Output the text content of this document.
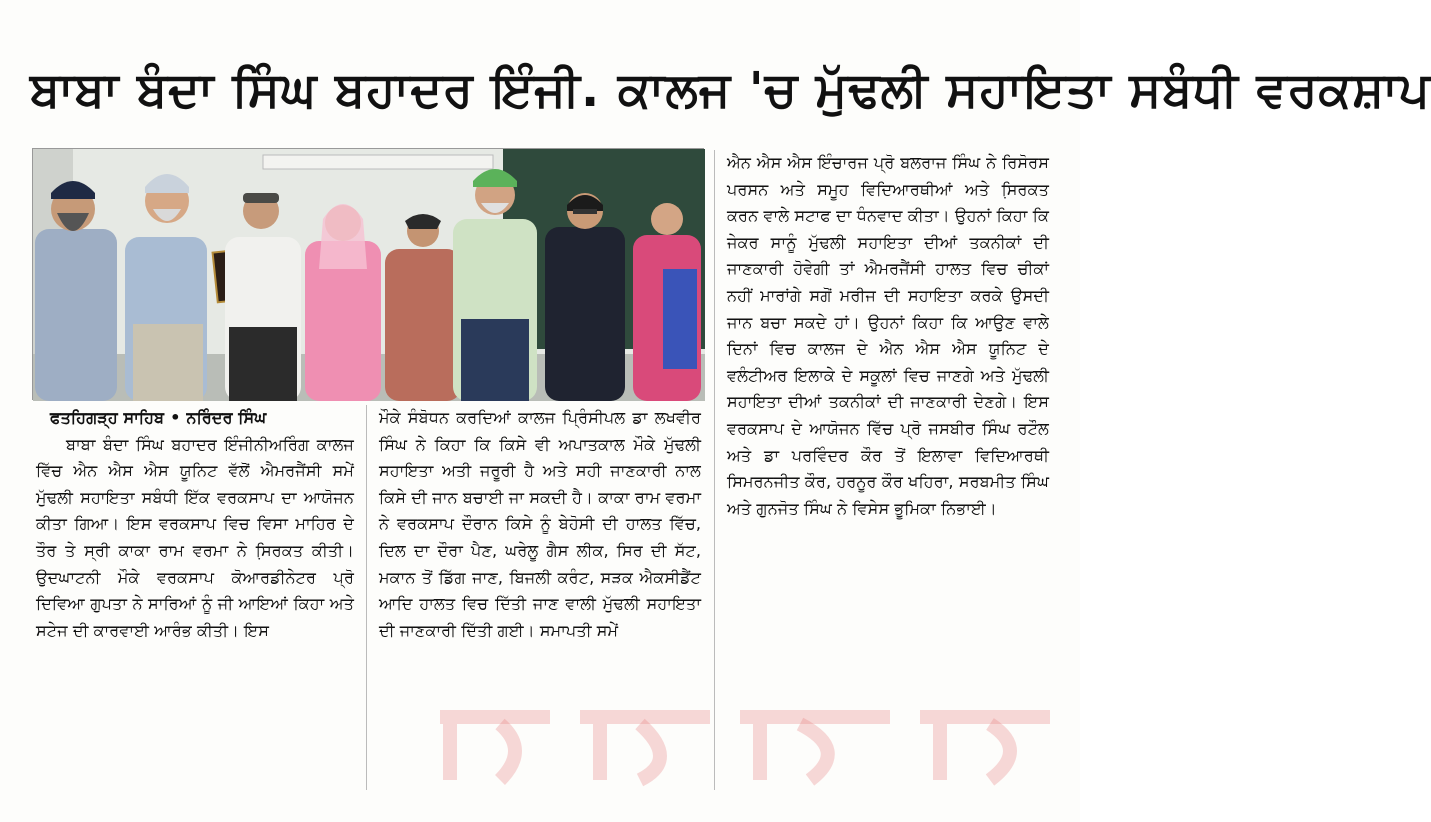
ਬਾਬਾ ਬੰਦਾ ਸਿੰਘ ਬਹਾਦਰ ਇੰਜੀ. ਕਾਲਜ 'ਚ ਮੁੱਢਲੀ ਸਹਾਇਤਾ ਸਬੰਧੀ ਵਰਕਸ਼ਾਪ
ਫਤਹਿਗੜ੍ਹ ਸਾਹਿਬ • ਨਰਿੰਦਰ ਸਿੰਘ
ਬਾਬਾ ਬੰਦਾ ਸਿੰਘ ਬਹਾਦਰ ਇੰਜੀਨੀਅਰਿੰਗ ਕਾਲਜ ਵਿੱਚ ਐਨ ਐਸ ਐਸ ਯੂਨਿਟ ਵੱਲੋਂ ਐਮਰਜੈਂਸੀ ਸਮੇਂ ਮੁੱਢਲੀ ਸਹਾਇਤਾ ਸਬੰਧੀ ਇੱਕ ਵਰਕਸਾਪ ਦਾ ਆਯੋਜਨ ਕੀਤਾ ਗਿਆ। ਇਸ ਵਰਕਸਾਪ ਵਿਚ ਵਿਸਾ ਮਾਹਿਰ ਦੇ ਤੌਰ ਤੇ ਸ੍ਰੀ ਕਾਕਾ ਰਾਮ ਵਰਮਾ ਨੇ ਸਿ਼ਰਕਤ ਕੀਤੀ। ਉਦਘਾਟਨੀ ਮੌਕੇ ਵਰਕਸਾਪ ਕੋਆਰਡੀਨੇਟਰ ਪ੍ਰੋ ਦਿਵਿਆ ਗੁਪਤਾ ਨੇ ਸਾਰਿਆਂ ਨੂੰ ਜੀ ਆਇਆਂ ਕਿਹਾ ਅਤੇ ਸਟੇਜ ਦੀ ਕਾਰਵਾਈ ਆਰੰਭ ਕੀਤੀ। ਇਸ
ਮੌਕੇ ਸੰਬੋਧਨ ਕਰਦਿਆਂ ਕਾਲਜ ਪ੍ਰਿੰਸੀਪਲ ਡਾ ਲਖਵੀਰ ਸਿੰਘ ਨੇ ਕਿਹਾ ਕਿ ਕਿਸੇ ਵੀ ਅਪਾਤਕਾਲ ਮੌਕੇ ਮੁੱਢਲੀ ਸਹਾਇਤਾ ਅਤੀ ਜਰੂਰੀ ਹੈ ਅਤੇ ਸਹੀ ਜਾਣਕਾਰੀ ਨਾਲ ਕਿਸੇ ਦੀ ਜਾਨ ਬਚਾਈ ਜਾ ਸਕਦੀ ਹੈ। ਕਾਕਾ ਰਾਮ ਵਰਮਾ ਨੇ ਵਰਕਸਾਪ ਦੌਰਾਨ ਕਿਸੇ ਨੂੰ ਬੇਹੋਸੀ ਦੀ ਹਾਲਤ ਵਿੱਚ, ਦਿਲ ਦਾ ਦੌਰਾ ਪੈਣ, ਘਰੇਲੂ ਗੈਸ ਲੀਕ, ਸਿਰ ਦੀ ਸੱਟ, ਮਕਾਨ ਤੋਂ ਡਿੱਗ ਜਾਣ, ਬਿਜਲੀ ਕਰੰਟ, ਸੜਕ ਐਕਸੀਡੈਂਟ ਆਦਿ ਹਾਲਤ ਵਿਚ ਦਿੱਤੀ ਜਾਣ ਵਾਲੀ ਮੁੱਢਲੀ ਸਹਾਇਤਾ ਦੀ ਜਾਣਕਾਰੀ ਦਿੱਤੀ ਗਈ। ਸਮਾਪਤੀ ਸਮੇਂ
ਐਨ ਐਸ ਐਸ ਇੰਚਾਰਜ ਪ੍ਰੋ ਬਲਰਾਜ ਸਿੰਘ ਨੇ ਰਿਸੋਰਸ ਪਰਸਨ ਅਤੇ ਸਮੂਹ ਵਿਦਿਆਰਥੀਆਂ ਅਤੇ ਸਿ਼ਰਕਤ ਕਰਨ ਵਾਲੇ ਸਟਾਫ ਦਾ ਧੰਨਵਾਦ ਕੀਤਾ। ਉਹਨਾਂ ਕਿਹਾ ਕਿ ਜੇਕਰ ਸਾਨੂੰ ਮੁੱਢਲੀ ਸਹਾਇਤਾ ਦੀਆਂ ਤਕਨੀਕਾਂ ਦੀ ਜਾਣਕਾਰੀ ਹੋਵੇਗੀ ਤਾਂ ਐਮਰਜੈਂਸੀ ਹਾਲਤ ਵਿਚ ਚੀਕਾਂ ਨਹੀਂ ਮਾਰਾਂਗੇ ਸਗੋਂ ਮਰੀਜ ਦੀ ਸਹਾਇਤਾ ਕਰਕੇ ਉਸਦੀ ਜਾਨ ਬਚਾ ਸਕਦੇ ਹਾਂ। ਉਹਨਾਂ ਕਿਹਾ ਕਿ ਆਉਣ ਵਾਲੇ ਦਿਨਾਂ ਵਿਚ ਕਾਲਜ ਦੇ ਐਨ ਐਸ ਐਸ ਯੂਨਿਟ ਦੇ ਵਲੰਟੀਅਰ ਇਲਾਕੇ ਦੇ ਸਕੂਲਾਂ ਵਿਚ ਜਾਣਗੇ ਅਤੇ ਮੁੱਢਲੀ ਸਹਾਇਤਾ ਦੀਆਂ ਤਕਨੀਕਾਂ ਦੀ ਜਾਣਕਾਰੀ ਦੇਣਗੇ। ਇਸ ਵਰਕਸਾਪ ਦੇ ਆਯੋਜਨ ਵਿੱਚ ਪ੍ਰੋ ਜਸਬੀਰ ਸਿੰਘ ਰਟੌਲ ਅਤੇ ਡਾ ਪਰਵਿੰਦਰ ਕੌਰ ਤੋਂ ਇਲਾਵਾ ਵਿਦਿਆਰਥੀ ਸਿਮਰਨਜੀਤ ਕੌਰ, ਹਰਨੂਰ ਕੌਰ ਖਹਿਰਾ, ਸਰਬਮੀਤ ਸਿੰਘ ਅਤੇ ਗੁਨਜੋਤ ਸਿੰਘ ਨੇ ਵਿਸੇਸ ਭੂਮਿਕਾ ਨਿਭਾਈ।
